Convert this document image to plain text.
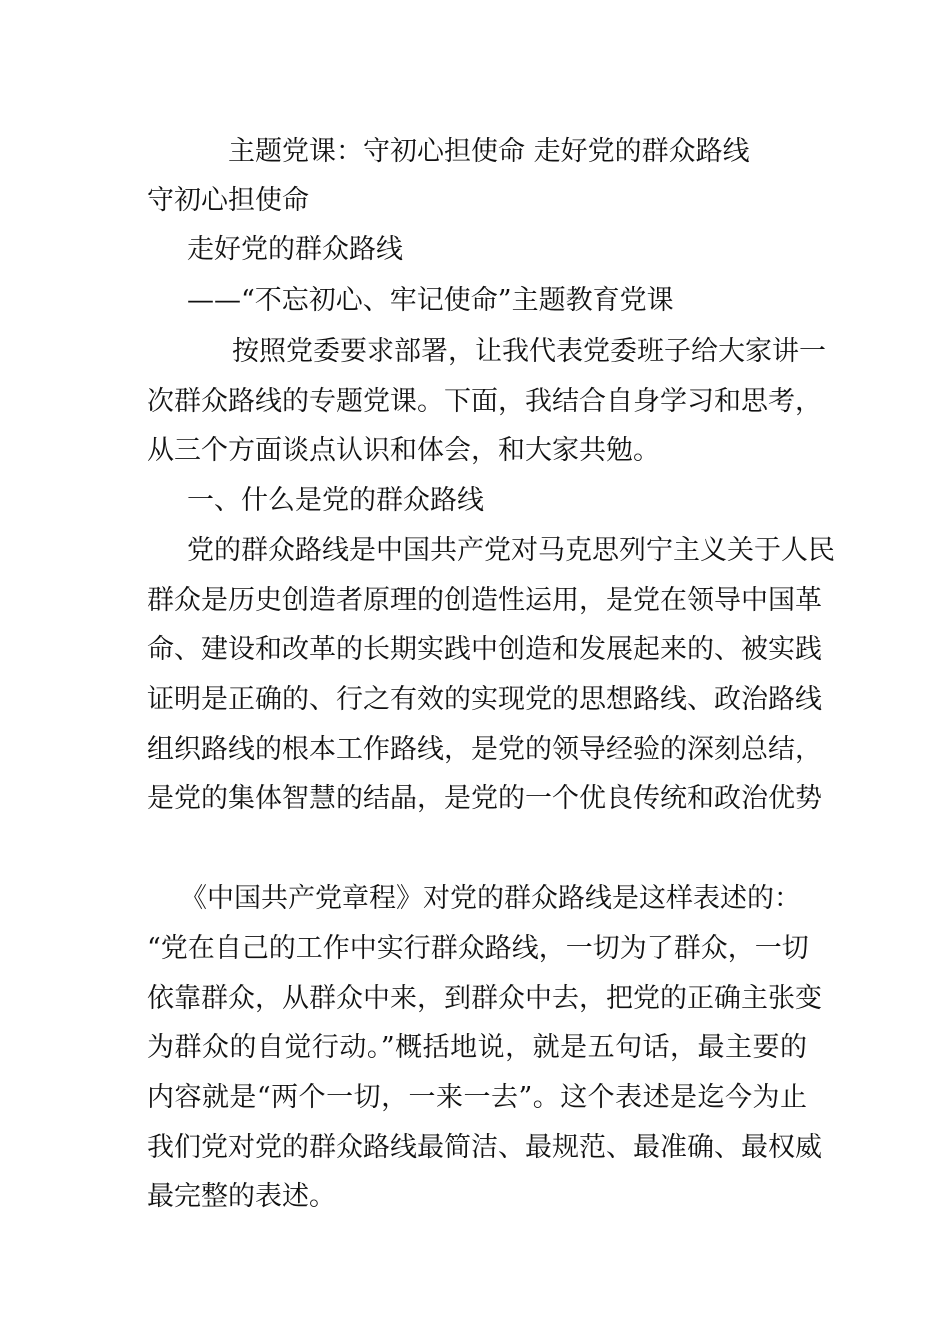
主题党课：守初心担使命 走好党的群众路线
守初心担使命
走好党的群众路线
——“不忘初心、牢记使命”主题教育党课
按照党委要求部署，让我代表党委班子给大家讲一
次群众路线的专题党课。下面，我结合自身学习和思考，
从三个方面谈点认识和体会，和大家共勉。
一、什么是党的群众路线
党的群众路线是中国共产党对马克思列宁主义关于人民
群众是历史创造者原理的创造性运用，是党在领导中国革
命、建设和改革的长期实践中创造和发展起来的、被实践
证明是正确的、行之有效的实现党的思想路线、政治路线
组织路线的根本工作路线，是党的领导经验的深刻总结，
是党的集体智慧的结晶，是党的一个优良传统和政治优势
《中国共产党章程》对党的群众路线是这样表述的：
“党在自己的工作中实行群众路线，一切为了群众，一切
依靠群众，从群众中来，到群众中去，把党的正确主张变
为群众的自觉行动。”概括地说，就是五句话，最主要的
内容就是“两个一切，一来一去”。这个表述是迄今为止
我们党对党的群众路线最简洁、最规范、最准确、最权威
最完整的表述。
